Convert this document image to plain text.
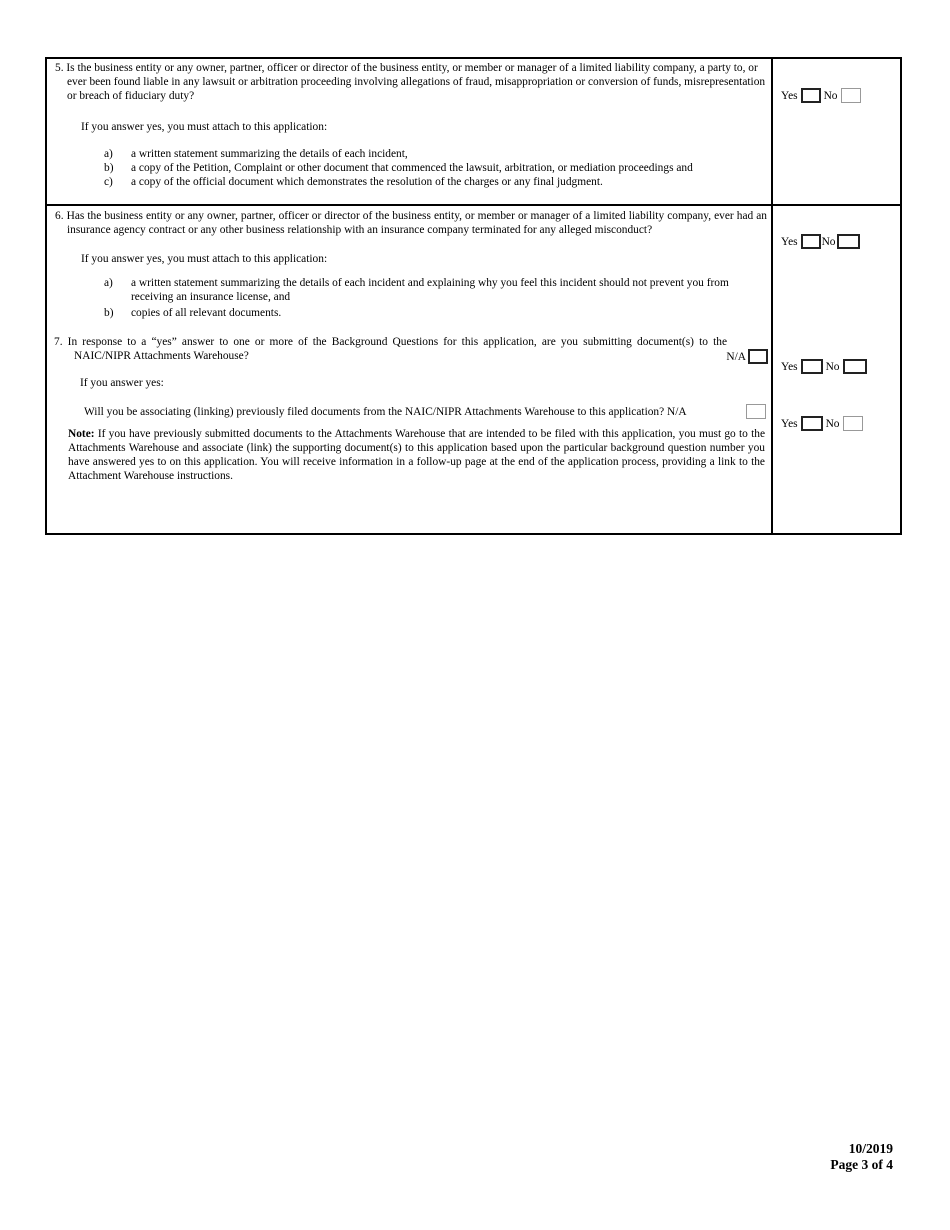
5. Is the business entity or any owner, partner, officer or director of the business entity, or member or manager of a limited liability company, a party to, or ever been found liable in any lawsuit or arbitration proceeding involving allegations of fraud, misappropriation or conversion of funds, misrepresentation or breach of fiduciary duty?

If you answer yes, you must attach to this application:

a)	a written statement summarizing the details of each incident,
b)	a copy of the Petition, Complaint or other document that commenced the lawsuit, arbitration, or mediation proceedings and
c)	a copy of the official document which demonstrates the resolution of the charges or any final judgment.
Yes No

6. Has the business entity or any owner, partner, officer or director of the business entity, or member or manager of a limited liability company, ever had an insurance agency contract or any other business relationship with an insurance company terminated for any alleged misconduct?

If you answer yes, you must attach to this application:

a)	a written statement summarizing the details of each incident and explaining why you feel this incident should not prevent you from receiving an insurance license, and
b)	copies of all relevant documents.

7. In response to a “yes” answer to one or more of the Background Questions for this application, are you submitting document(s) to the NAIC/NIPR Attachments Warehouse?	N/A

If you answer yes:

Will you be associating (linking) previously filed documents from the NAIC/NIPR Attachments Warehouse to this application? N/A

Note: If you have previously submitted documents to the Attachments Warehouse that are intended to be filed with this application, you must go to the Attachments Warehouse and associate (link) the supporting document(s) to this application based upon the particular background question number you have answered yes to on this application. You will receive information in a follow-up page at the end of the application process, providing a link to the Attachment Warehouse instructions.

Yes No
Yes No
Yes No
10/2019
Page 3 of 4
